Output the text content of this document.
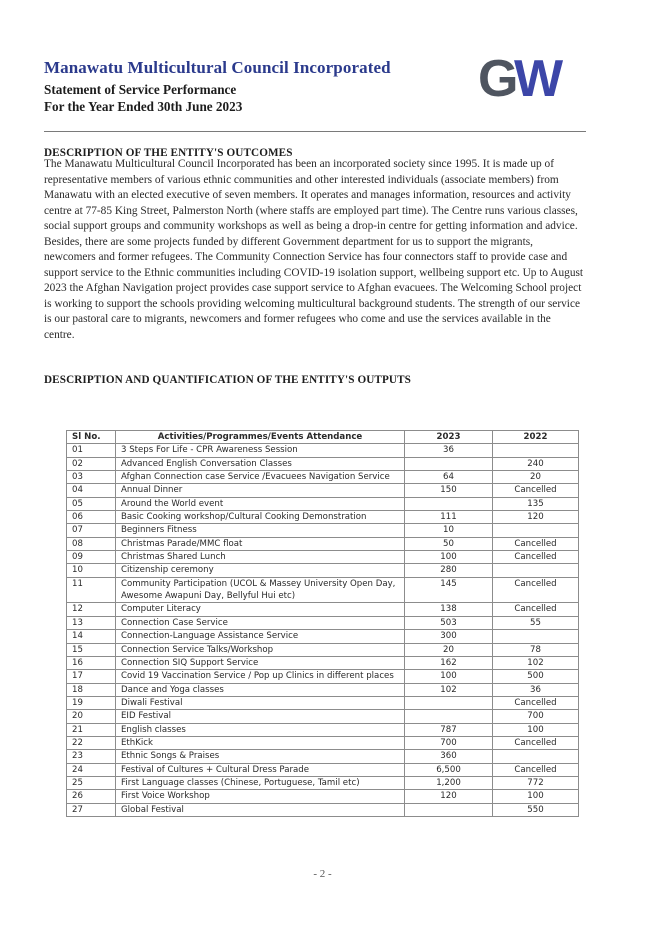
Manawatu Multicultural Council Incorporated
Statement of Service Performance
For the Year Ended 30th June 2023	G
W
DESCRIPTION OF THE ENTITY'S OUTCOMES
The Manawatu Multicultural Council Incorporated has been an incorporated society since 1995. It is made up of representative members of various ethnic communities and other interested individuals (associate members) from Manawatu with an elected executive of seven members. It operates and manages information, resources and activity centre at 77-85 King Street, Palmerston North (where staffs are employed part time). The Centre runs various classes, social support groups and community workshops as well as being a drop-in centre for getting information and advice. Besides, there are some projects funded by different Government department for us to support the migrants, newcomers and former refugees. The Community Connection Service has four connectors staff to provide case and support service to the Ethnic communities including COVID-19 isolation support, wellbeing support etc. Up to August 2023 the Afghan Navigation project provides case support service to Afghan evacuees. The Welcoming School project is working to support the schools providing welcoming multicultural background students. The strength of our service is our pastoral care to migrants, newcomers and former refugees who come and use the services available in the centre.
DESCRIPTION AND QUANTIFICATION OF THE ENTITY'S OUTPUTS
Sl No.	Activities/Programmes/Events Attendance	2023	2022
01	3 Steps For Life - CPR Awareness Session	36	
02	Advanced English Conversation Classes		240
03	Afghan Connection case Service /Evacuees Navigation Service	64	20
04	Annual Dinner	150	Cancelled
05	Around the World event		135
06	Basic Cooking workshop/Cultural Cooking Demonstration	111	120
07	Beginners Fitness	10	
08	Christmas Parade/MMC float	50	Cancelled
09	Christmas Shared Lunch	100	Cancelled
10	Citizenship ceremony	280	
11	Community Participation (UCOL & Massey University Open Day, Awesome Awapuni Day, Bellyful Hui etc)	145	Cancelled
12	Computer Literacy	138	Cancelled
13	Connection Case Service	503	55
14	Connection-Language Assistance Service	300	
15	Connection Service Talks/Workshop	20	78
16	Connection SIQ Support Service	162	102
17	Covid 19 Vaccination Service / Pop up Clinics in different places	100	500
18	Dance and Yoga classes	102	36
19	Diwali Festival		Cancelled
20	EID Festival		700
21	English classes	787	100
22	EthKick	700	Cancelled
23	Ethnic Songs & Praises	360	
24	Festival of Cultures + Cultural Dress Parade	6,500	Cancelled
25	First Language classes (Chinese, Portuguese, Tamil etc)	1,200	772
26	First Voice Workshop	120	100
27	Global Festival		550
- 2 -
